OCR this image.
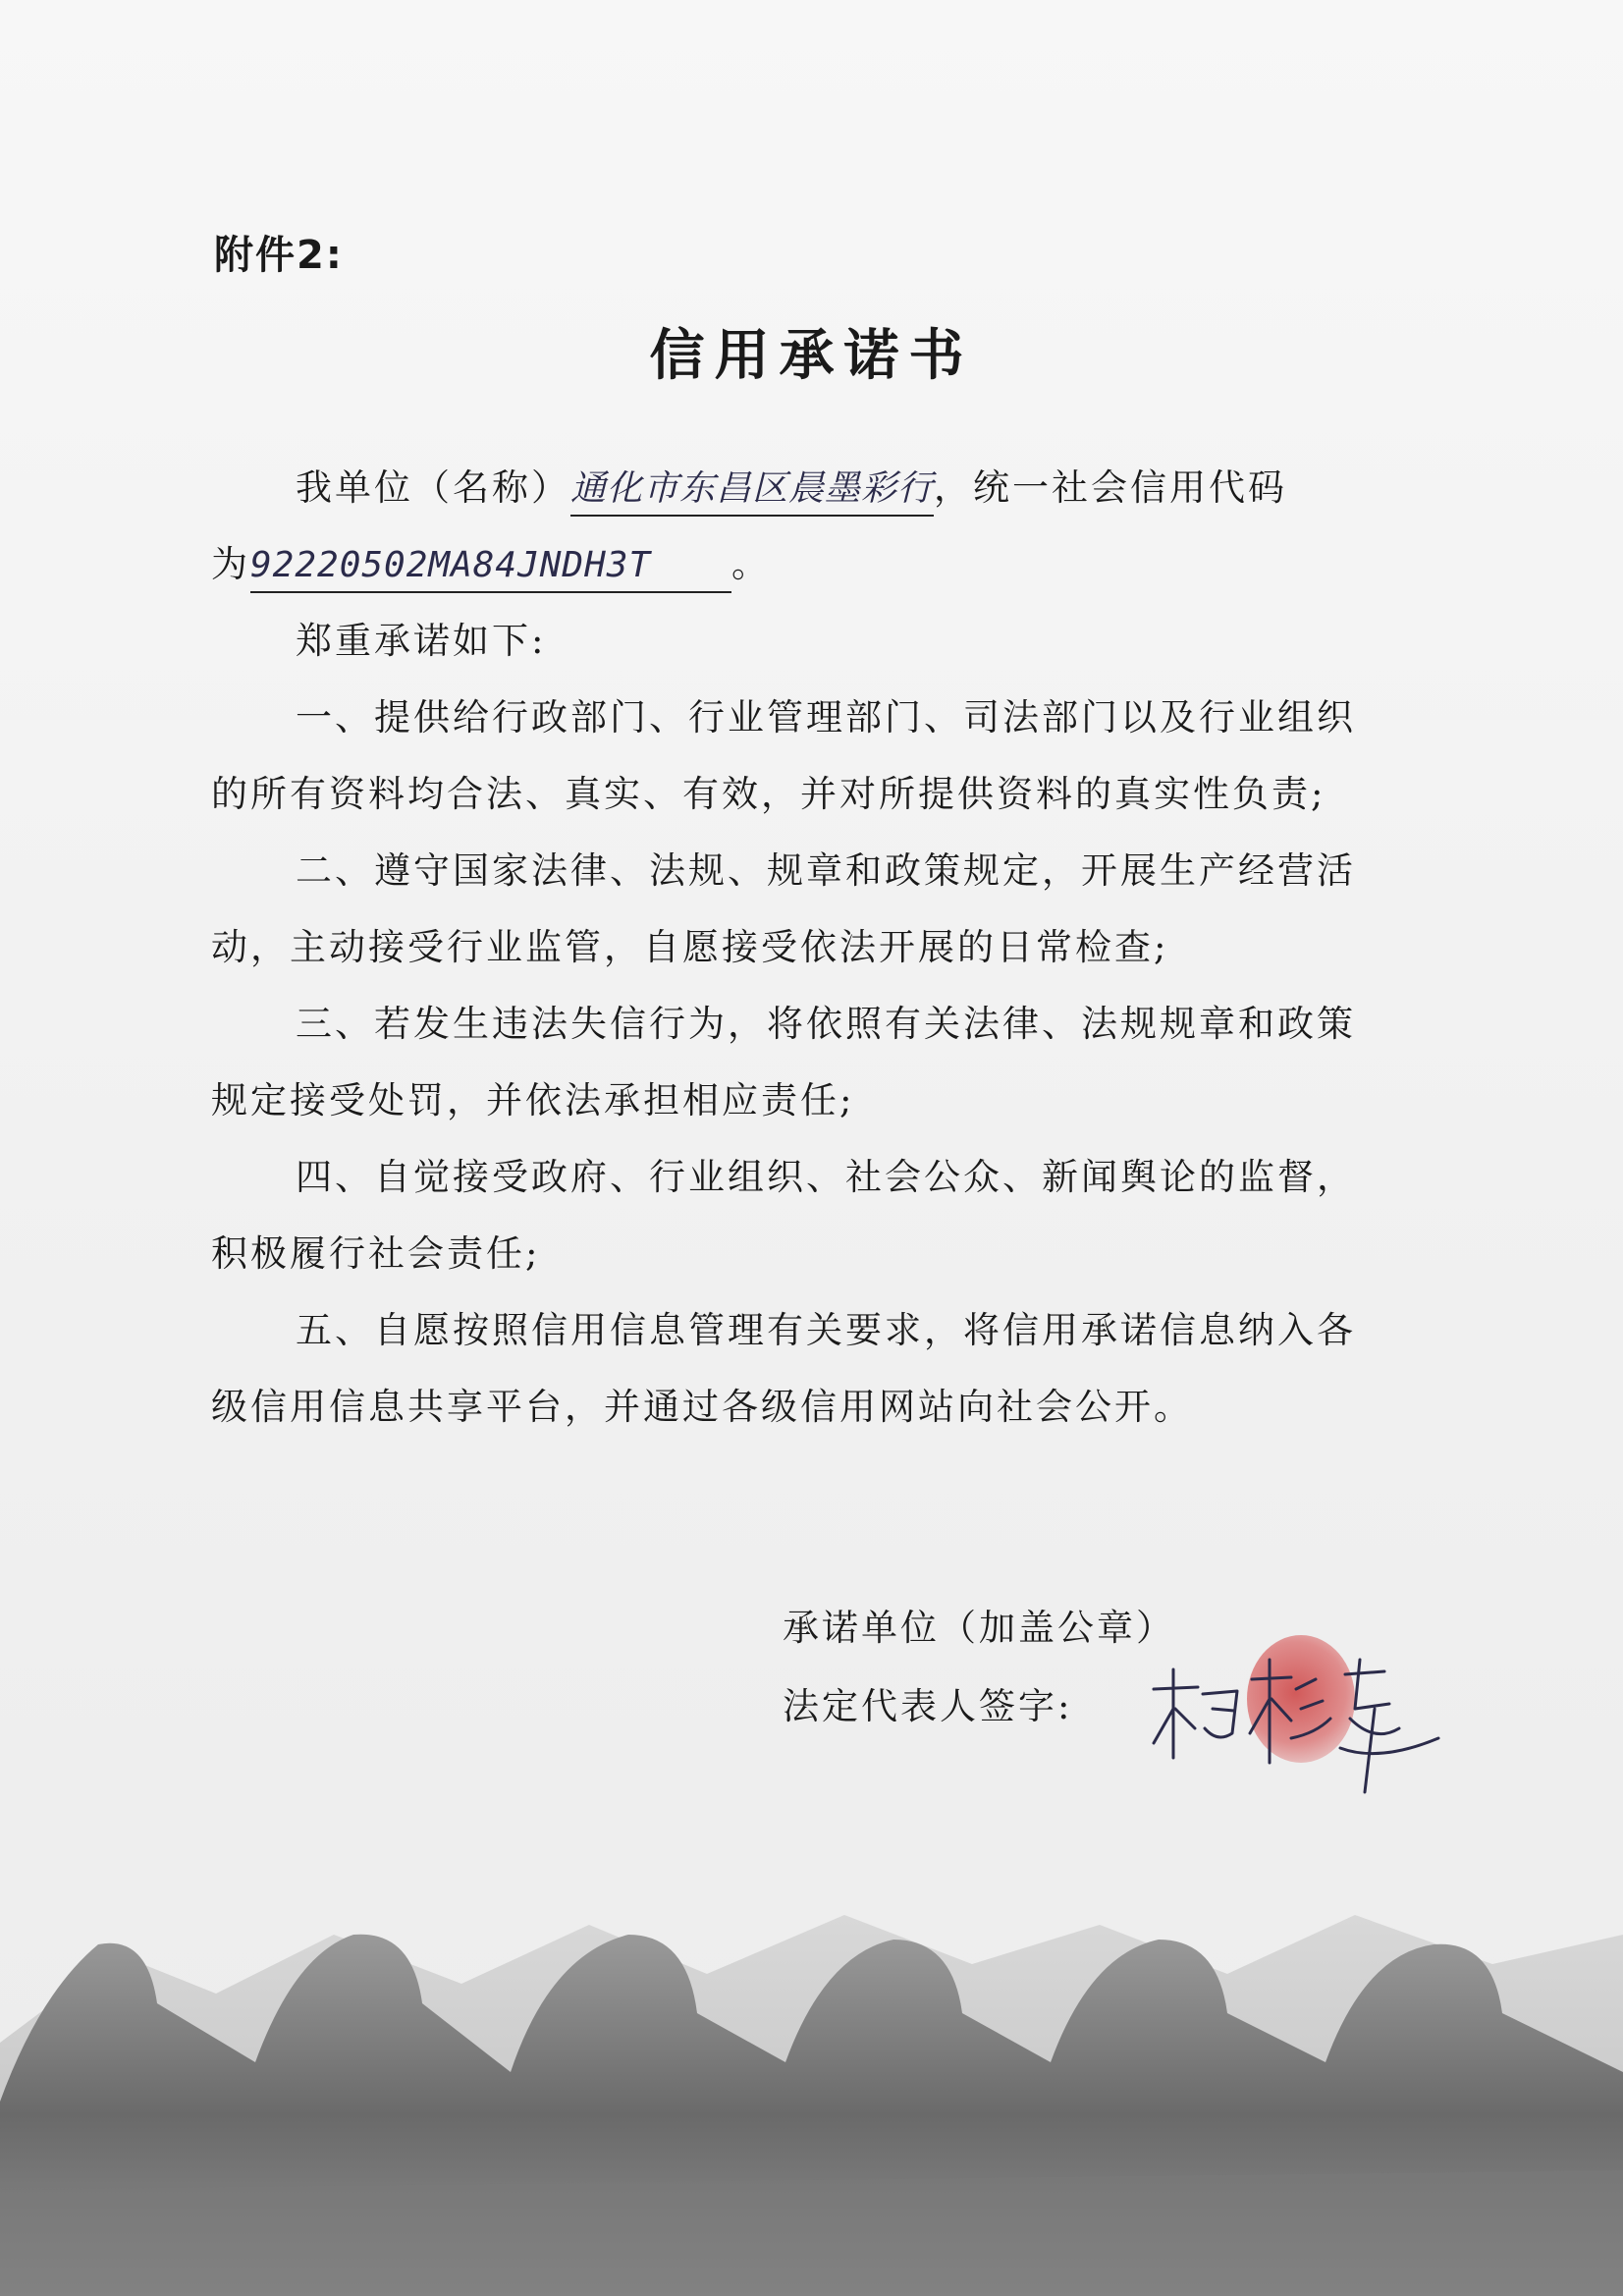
附件2:
信用承诺书
我单位（名称）通化市东昌区晨墨彩行，统一社会信用代码
为92220502MA84JNDH3T 。
郑重承诺如下:
一、提供给行政部门、行业管理部门、司法部门以及行业组织
的所有资料均合法、真实、有效，并对所提供资料的真实性负责;
二、遵守国家法律、法规、规章和政策规定，开展生产经营活
动，主动接受行业监管，自愿接受依法开展的日常检查;
三、若发生违法失信行为，将依照有关法律、法规规章和政策
规定接受处罚，并依法承担相应责任;
四、自觉接受政府、行业组织、社会公众、新闻舆论的监督，
积极履行社会责任;
五、自愿按照信用信息管理有关要求，将信用承诺信息纳入各
级信用信息共享平台，并通过各级信用网站向社会公开。
承诺单位（加盖公章）
法定代表人签字:
